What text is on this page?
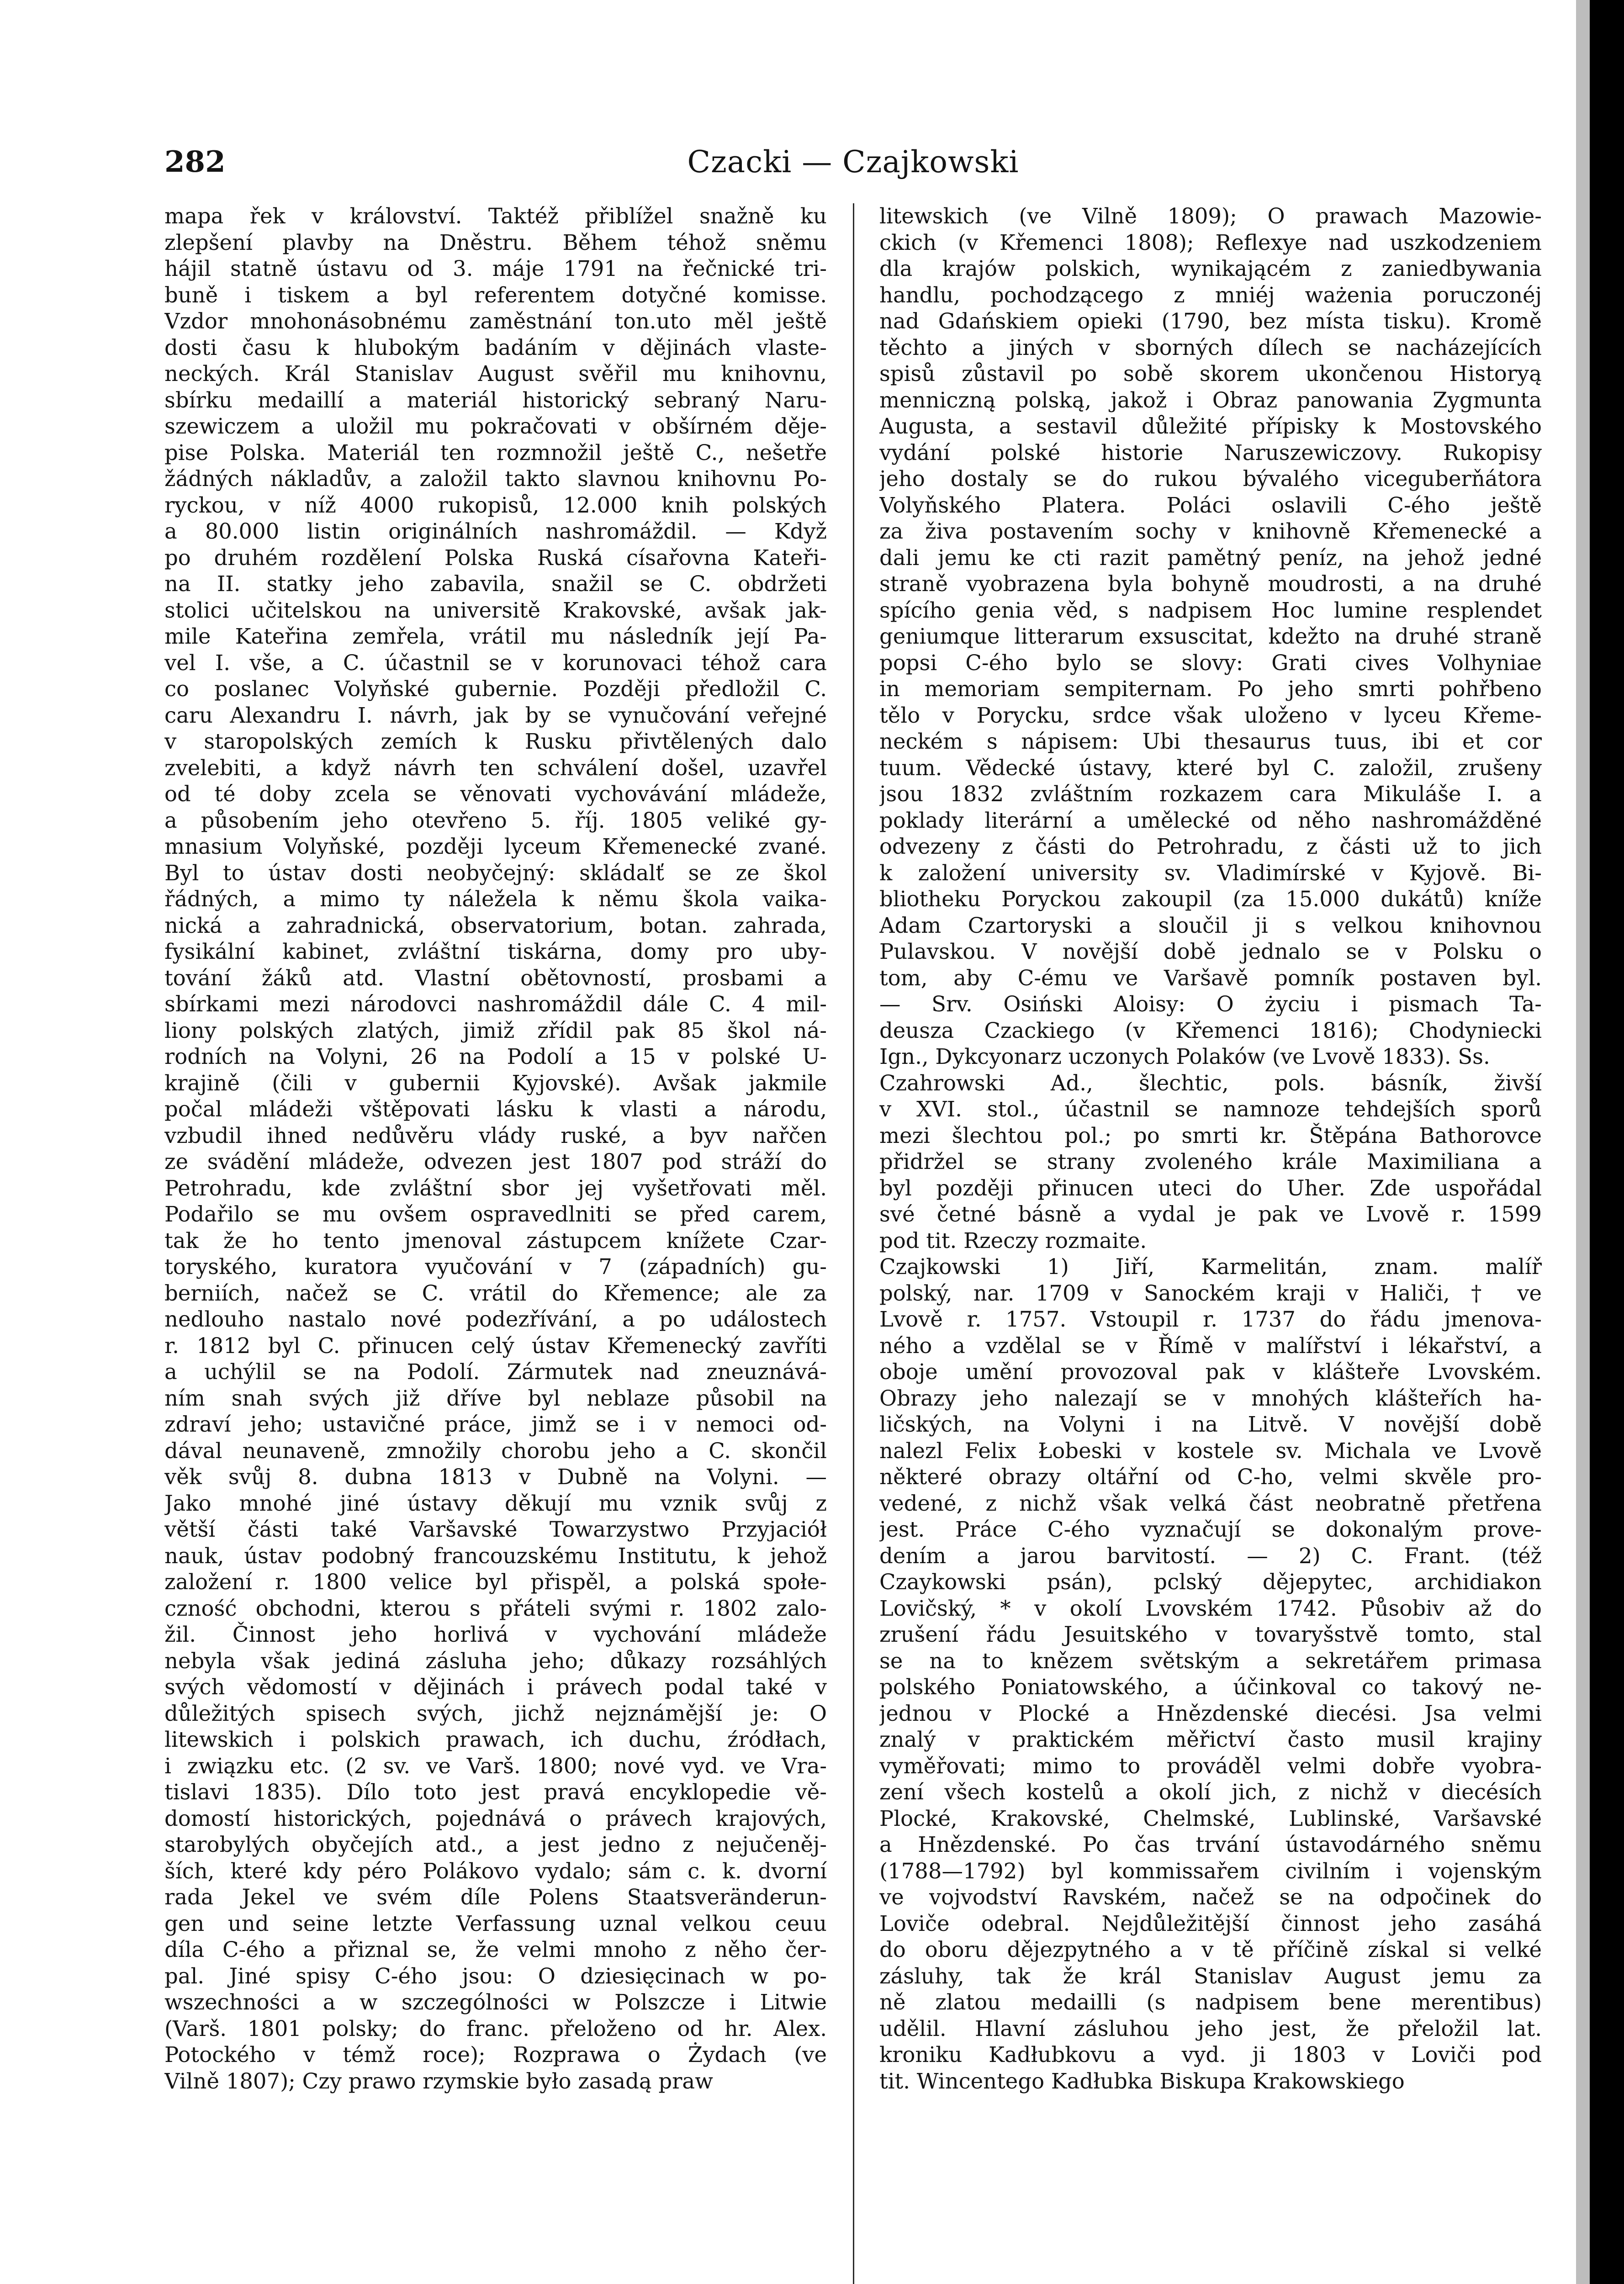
282	Czacki — Czajkowski
mapa řek v království. Taktéž přiblížel snažně ku
zlepšení plavby na Dněstru. Během téhož sněmu
hájil statně ústavu od 3. máje 1791 na řečnické tri-
buně i tiskem a byl referentem dotyčné komisse.
Vzdor mnohonásobnému zaměstnání ton.uto měl ještě
dosti času k hlubokým badáním v dějinách vlaste-
neckých. Král Stanislav August svěřil mu knihovnu,
sbírku medaillí a materiál historický sebraný Naru-
szewiczem a uložil mu pokračovati v obšírném děje-
pise Polska. Materiál ten rozmnožil ještě C., nešetře
žádných nákladův, a založil takto slavnou knihovnu Po-
ryckou, v níž 4000 rukopisů, 12.000 knih polských
a 80.000 listin originálních nashromáždil. — Když
po druhém rozdělení Polska Ruská císařovna Kateři-
na II. statky jeho zabavila, snažil se C. obdržeti
stolici učitelskou na universitě Krakovské, avšak jak-
mile Kateřina zemřela, vrátil mu následník její Pa-
vel I. vše, a C. účastnil se v korunovaci téhož cara
co poslanec Volyňské gubernie. Později předložil C.
caru Alexandru I. návrh, jak by se vynučování veřejné
v staropolských zemích k Rusku přivtělených dalo
zvelebiti, a když návrh ten schválení došel, uzavřel
od té doby zcela se věnovati vychovávání mládeže,
a působením jeho otevřeno 5. říj. 1805 veliké gy-
mnasium Volyňské, později lyceum Křemenecké zvané.
Byl to ústav dosti neobyčejný: skládalť se ze škol
řádných, a mimo ty náležela k němu škola vaika-
nická a zahradnická, observatorium, botan. zahrada,
fysikální kabinet, zvláštní tiskárna, domy pro uby-
tování žáků atd. Vlastní obětovností, prosbami a
sbírkami mezi národovci nashromáždil dále C. 4 mil-
liony polských zlatých, jimiž zřídil pak 85 škol ná-
rodních na Volyni, 26 na Podolí a 15 v polské U-
krajině (čili v gubernii Kyjovské). Avšak jakmile
počal mládeži vštěpovati lásku k vlasti a národu,
vzbudil ihned nedůvěru vlády ruské, a byv nařčen
ze svádění mládeže, odvezen jest 1807 pod stráží do
Petrohradu, kde zvláštní sbor jej vyšetřovati měl.
Podařilo se mu ovšem ospravedlniti se před carem,
tak že ho tento jmenoval zástupcem knížete Czar-
toryského, kuratora vyučování v 7 (západních) gu-
berniích, načež se C. vrátil do Křemence; ale za
nedlouho nastalo nové podezřívání, a po událostech
r. 1812 byl C. přinucen celý ústav Křemenecký zavříti
a uchýlil se na Podolí. Zármutek nad zneuznává-
ním snah svých již dříve byl neblaze působil na
zdraví jeho; ustavičné práce, jimž se i v nemoci od-
dával neunaveně, zmnožily chorobu jeho a C. skončil
věk svůj 8. dubna 1813 v Dubně na Volyni. —
Jako mnohé jiné ústavy děkují mu vznik svůj z
větší části také Varšavské Towarzystwo Przyjaciół
nauk, ústav podobný francouzskému Institutu, k jehož
založení r. 1800 velice byl přispěl, a polská społe-
czność obchodni, kterou s přáteli svými r. 1802 zalo-
žil. Činnost jeho horlivá v vychování mládeže
nebyla však jediná zásluha jeho; důkazy rozsáhlých
svých vědomostí v dějinách i právech podal také v
důležitých spisech svých, jichž nejznámější je: O
litewskich i polskich prawach, ich duchu, źródłach,
i związku etc. (2 sv. ve Varš. 1800; nové vyd. ve Vra-
tislavi 1835). Dílo toto jest pravá encyklopedie vě-
domostí historických, pojednává o právech krajových,
starobylých obyčejích atd., a jest jedno z nejučeněj-
ších, které kdy péro Polákovo vydalo; sám c. k. dvorní
rada Jekel ve svém díle Polens Staatsveränderun-
gen und seine letzte Verfassung uznal velkou ceuu
díla C-ého a přiznal se, že velmi mnoho z něho čer-
pal. Jiné spisy C-ého jsou: O dziesięcinach w po-
wszechności a w szczególności w Polszcze i Litwie
(Varš. 1801 polsky; do franc. přeloženo od hr. Alex.
Potockého v témž roce); Rozprawa o Żydach (ve
Vilně 1807); Czy prawo rzymskie było zasadą praw
litewskich (ve Vilně 1809); O prawach Mazowie-
ckich (v Křemenci 1808); Reflexye nad uszkodzeniem
dla krajów polskich, wynikającém z zaniedbywania
handlu, pochodzącego z mniéj ważenia poruczonéj
nad Gdańskiem opieki (1790, bez místa tisku). Kromě
těchto a jiných v sborných dílech se nacházejících
spisů zůstavil po sobě skorem ukončenou Historyą
menniczną polską, jakož i Obraz panowania Zygmunta
Augusta, a sestavil důležité přípisky k Mostovského
vydání polské historie Naruszewiczovy. Rukopisy
jeho dostaly se do rukou bývalého viceguberňátora
Volyňského Platera. Poláci oslavili C-ého ještě
za živa postavením sochy v knihovně Křemenecké a
dali jemu ke cti razit pamětný peníz, na jehož jedné
straně vyobrazena byla bohyně moudrosti, a na druhé
spícího genia věd, s nadpisem Hoc lumine resplendet
geniumque litterarum exsuscitat, kdežto na druhé straně
popsi C-ého bylo se slovy: Grati cives Volhyniae
in memoriam sempiternam. Po jeho smrti pohřbeno
tělo v Porycku, srdce však uloženo v lyceu Křeme-
neckém s nápisem: Ubi thesaurus tuus, ibi et cor
tuum. Vědecké ústavy, které byl C. založil, zrušeny
jsou 1832 zvláštním rozkazem cara Mikuláše I. a
poklady literární a umělecké od něho nashromážděné
odvezeny z části do Petrohradu, z části už to jich
k založení university sv. Vladimírské v Kyjově. Bi-
bliotheku Poryckou zakoupil (za 15.000 dukátů) kníže
Adam Czartoryski a sloučil ji s velkou knihovnou
Pulavskou. V novější době jednalo se v Polsku o
tom, aby C-ému ve Varšavě pomník postaven byl.
— Srv. Osiński Aloisy: O życiu i pismach Ta-
deusza Czackiego (v Křemenci 1816); Chodyniecki
Ign., Dykcyonarz uczonych Polaków (ve Lvově 1833). Ss.
Czahrowski Ad., šlechtic, pols. básník, živší
v XVI. stol., účastnil se namnoze tehdejších sporů
mezi šlechtou pol.; po smrti kr. Štěpána Bathorovce
přidržel se strany zvoleného krále Maximiliana a
byl později přinucen uteci do Uher. Zde uspořádal
své četné básně a vydal je pak ve Lvově r. 1599
pod tit. Rzeczy rozmaite.
Czajkowski 1) Jiří, Karmelitán, znam. malíř
polský, nar. 1709 v Sanockém kraji v Haliči, † ve
Lvově r. 1757. Vstoupil r. 1737 do řádu jmenova-
ného a vzdělal se v Římě v malířství i lékařství, a
oboje umění provozoval pak v klášteře Lvovském.
Obrazy jeho nalezají se v mnohých klášteřích ha-
ličských, na Volyni i na Litvě. V novější době
nalezl Felix Łobeski v kostele sv. Michala ve Lvově
některé obrazy oltářní od C-ho, velmi skvěle pro-
vedené, z nichž však velká část neobratně přetřena
jest. Práce C-ého vyznačují se dokonalým prove-
dením a jarou barvitostí. — 2) C. Frant. (též
Czaykowski psán), pclský dějepytec, archidiakon
Lovičský, * v okolí Lvovském 1742. Působiv až do
zrušení řádu Jesuitského v tovaryšstvě tomto, stal
se na to knězem světským a sekretářem primasa
polského Poniatowského, a účinkoval co takový ne-
jednou v Plocké a Hnězdenské diecési. Jsa velmi
znalý v praktickém měřictví často musil krajiny
vyměřovati; mimo to prováděl velmi dobře vyobra-
zení všech kostelů a okolí jich, z nichž v diecésích
Plocké, Krakovské, Chelmské, Lublinské, Varšavské
a Hnězdenské. Po čas trvání ústavodárného sněmu
(1788—1792) byl kommissařem civilním i vojenským
ve vojvodství Ravském, načež se na odpočinek do
Loviče odebral. Nejdůležitější činnost jeho zasáhá
do oboru dějezpytného a v tě příčině získal si velké
zásluhy, tak že král Stanislav August jemu za
ně zlatou medailli (s nadpisem bene merentibus)
udělil. Hlavní zásluhou jeho jest, že přeložil lat.
kroniku Kadłubkovu a vyd. ji 1803 v Loviči pod
tit. Wincentego Kadłubka Biskupa Krakowskiego
